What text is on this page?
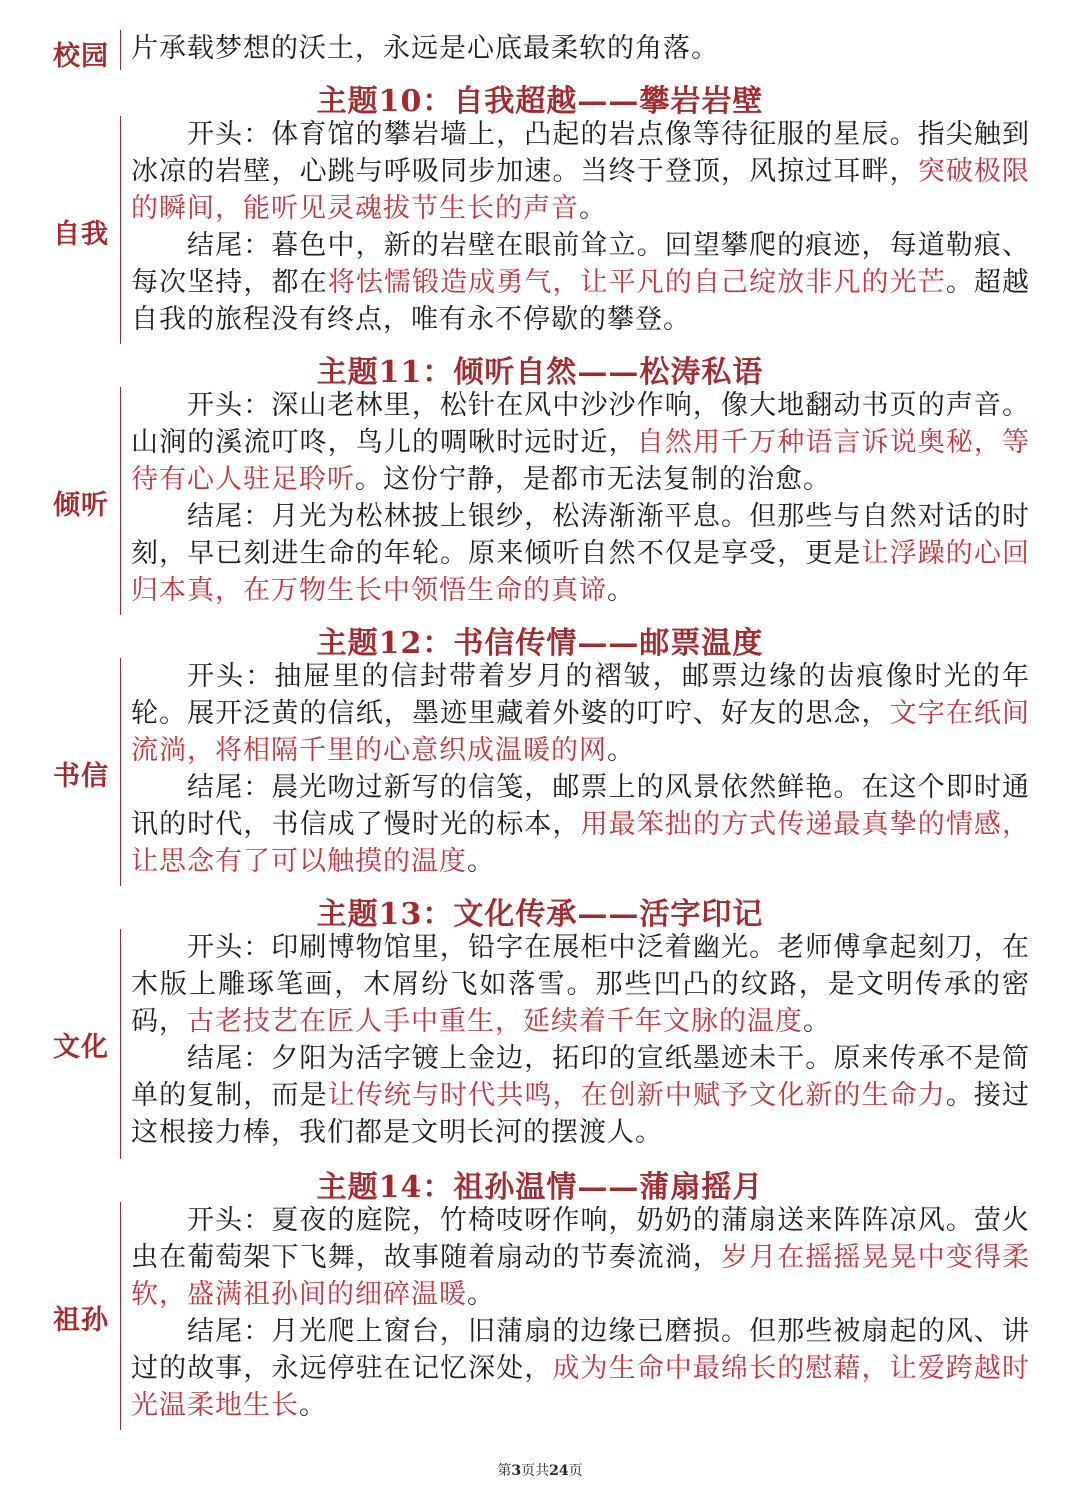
校园 片承载梦想的沃土，永远是心底最柔软的角落。

主题10：自我超越——攀岩岩壁
自我

开头：体育馆的攀岩墙上，凸起的岩点像等待征服的星辰。指尖触到冰凉的岩壁，心跳与呼吸同步加速。当终于登顶，风掠过耳畔，突破极限的瞬间，能听见灵魂拔节生长的声音。

结尾：暮色中，新的岩壁在眼前耸立。回望攀爬的痕迹，每道勒痕、每次坚持，都在将怯懦锻造成勇气，让平凡的自己绽放非凡的光芒。超越自我的旅程没有终点，唯有永不停歇的攀登。

主题11：倾听自然——松涛私语
倾听

开头：深山老林里，松针在风中沙沙作响，像大地翻动书页的声音。山涧的溪流叮咚，鸟儿的啁啾时远时近，自然用千万种语言诉说奥秘，等待有心人驻足聆听。这份宁静，是都市无法复制的治愈。

结尾：月光为松林披上银纱，松涛渐渐平息。但那些与自然对话的时刻，早已刻进生命的年轮。原来倾听自然不仅是享受，更是让浮躁的心回归本真，在万物生长中领悟生命的真谛。

主题12：书信传情——邮票温度
书信

开头：抽屉里的信封带着岁月的褶皱，邮票边缘的齿痕像时光的年轮。展开泛黄的信纸，墨迹里藏着外婆的叮咛、好友的思念，文字在纸间流淌，将相隔千里的心意织成温暖的网。

结尾：晨光吻过新写的信笺，邮票上的风景依然鲜艳。在这个即时通讯的时代，书信成了慢时光的标本，用最笨拙的方式传递最真挚的情感，让思念有了可以触摸的温度。

主题13：文化传承——活字印记
文化

开头：印刷博物馆里，铅字在展柜中泛着幽光。老师傅拿起刻刀，在木版上雕琢笔画，木屑纷飞如落雪。那些凹凸的纹路，是文明传承的密码，古老技艺在匠人手中重生，延续着千年文脉的温度。

结尾：夕阳为活字镀上金边，拓印的宣纸墨迹未干。原来传承不是简单的复制，而是让传统与时代共鸣，在创新中赋予文化新的生命力。接过这根接力棒，我们都是文明长河的摆渡人。

主题14：祖孙温情——蒲扇摇月
祖孙

开头：夏夜的庭院，竹椅吱呀作响，奶奶的蒲扇送来阵阵凉风。萤火虫在葡萄架下飞舞，故事随着扇动的节奏流淌，岁月在摇摇晃晃中变得柔软，盛满祖孙间的细碎温暖。

结尾：月光爬上窗台，旧蒲扇的边缘已磨损。但那些被扇起的风、讲过的故事，永远停驻在记忆深处，成为生命中最绵长的慰藉，让爱跨越时光温柔地生长。

第3页共24页
